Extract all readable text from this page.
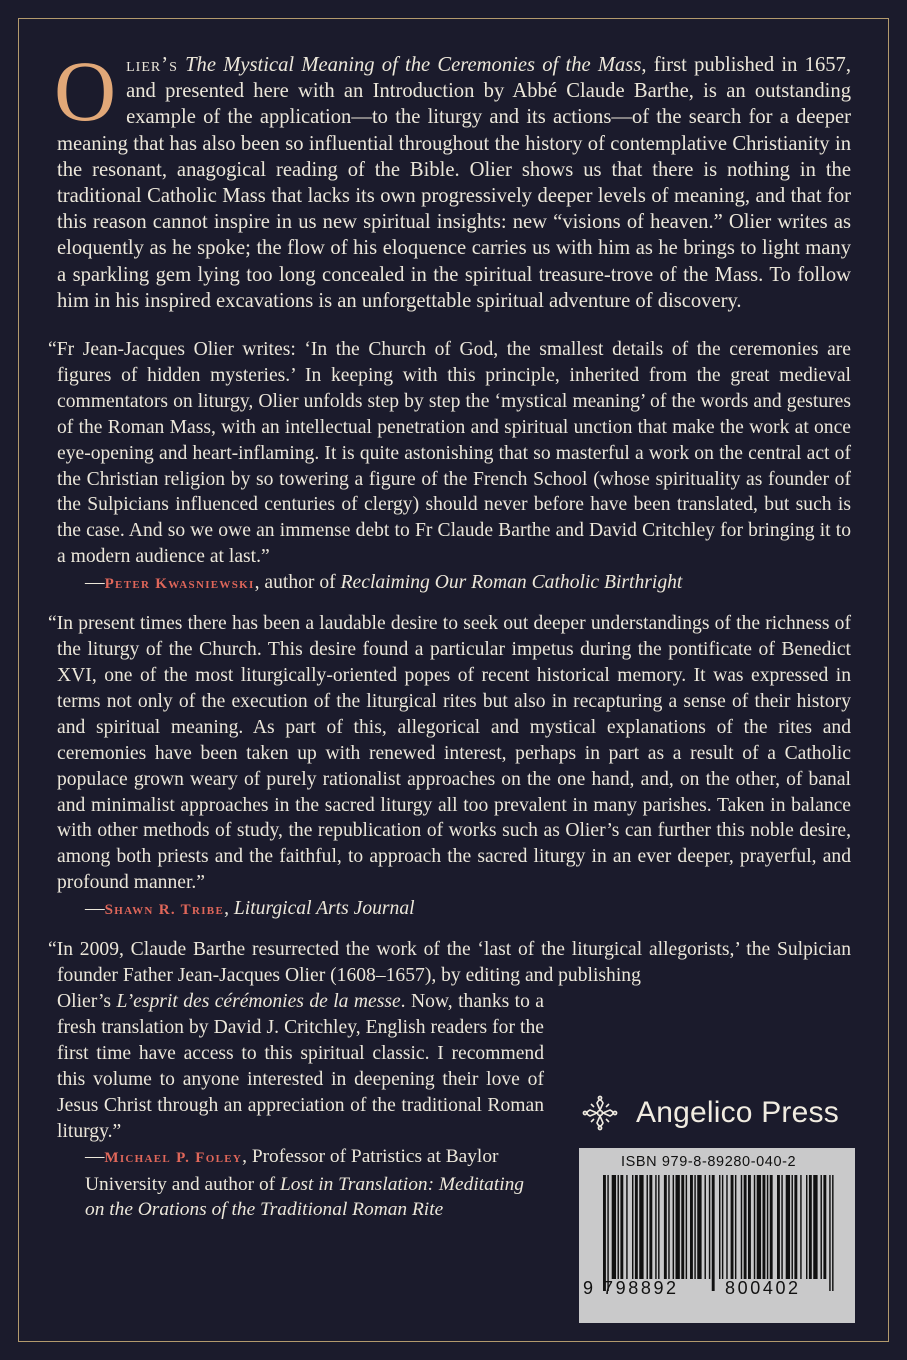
Olier’s The Mystical Meaning of the Ceremonies of the Mass, first published in 1657, and presented here with an Introduction by Abbé Claude Barthe, is an outstanding example of the application—to the liturgy and its actions—of the search for a deeper meaning that has also been so influential throughout the history of contemplative Christianity in the resonant, anagogical reading of the Bible. Olier shows us that there is nothing in the traditional Catholic Mass that lacks its own progressively deeper levels of meaning, and that for this reason cannot inspire in us new spiritual insights: new “visions of heaven.” Olier writes as eloquently as he spoke; the flow of his eloquence carries us with him as he brings to light many a sparkling gem lying too long concealed in the spiritual treasure-trove of the Mass. To follow him in his inspired excavations is an unforgettable spiritual adventure of discovery.

“Fr Jean-Jacques Olier writes: ‘In the Church of God, the smallest details of the ceremonies are figures of hidden mysteries.’ In keeping with this principle, inherited from the great medieval commentators on liturgy, Olier unfolds step by step the ‘mystical meaning’ of the words and gestures of the Roman Mass, with an intellectual penetration and spiritual unction that make the work at once eye-opening and heart-inflaming. It is quite astonishing that so masterful a work on the central act of the Christian religion by so towering a figure of the French School (whose spirituality as founder of the Sulpicians influenced centuries of clergy) should never before have been translated, but such is the case. And so we owe an immense debt to Fr Claude Barthe and David Critchley for bringing it to a modern audience at last.”

—Peter Kwasniewski, author of Reclaiming Our Roman Catholic Birthright

“In present times there has been a laudable desire to seek out deeper understandings of the richness of the liturgy of the Church. This desire found a particular impetus during the pontificate of Benedict XVI, one of the most liturgically-oriented popes of recent historical memory. It was expressed in terms not only of the execution of the liturgical rites but also in recapturing a sense of their history and spiritual meaning. As part of this, allegorical and mystical explanations of the rites and ceremonies have been taken up with renewed interest, perhaps in part as a result of a Catholic populace grown weary of purely rationalist approaches on the one hand, and, on the other, of banal and minimalist approaches in the sacred liturgy all too prevalent in many parishes. Taken in balance with other methods of study, the republication of works such as Olier’s can further this noble desire, among both priests and the faithful, to approach the sacred liturgy in an ever deeper, prayerful, and profound manner.”

—Shawn R. Tribe, Liturgical Arts Journal

“In 2009, Claude Barthe resurrected the work of the ‘last of the liturgical allegorists,’ the Sulpician founder Father Jean-Jacques Olier (1608–1657), by editing and publishing

Olier’s L’esprit des cérémonies de la messe. Now, thanks to a fresh translation by David J. Critchley, English readers for the first time have access to this spiritual classic. I recommend this volume to anyone interested in deepening their love of Jesus Christ through an appreciation of the traditional Roman liturgy.”

—Michael P. Foley, Professor of Patristics at Baylor University and author of Lost in Translation: Meditating on the Orations of the Traditional Roman Rite

Angelico Press
ISBN 979-8-89280-040-2
9 798892	800402
